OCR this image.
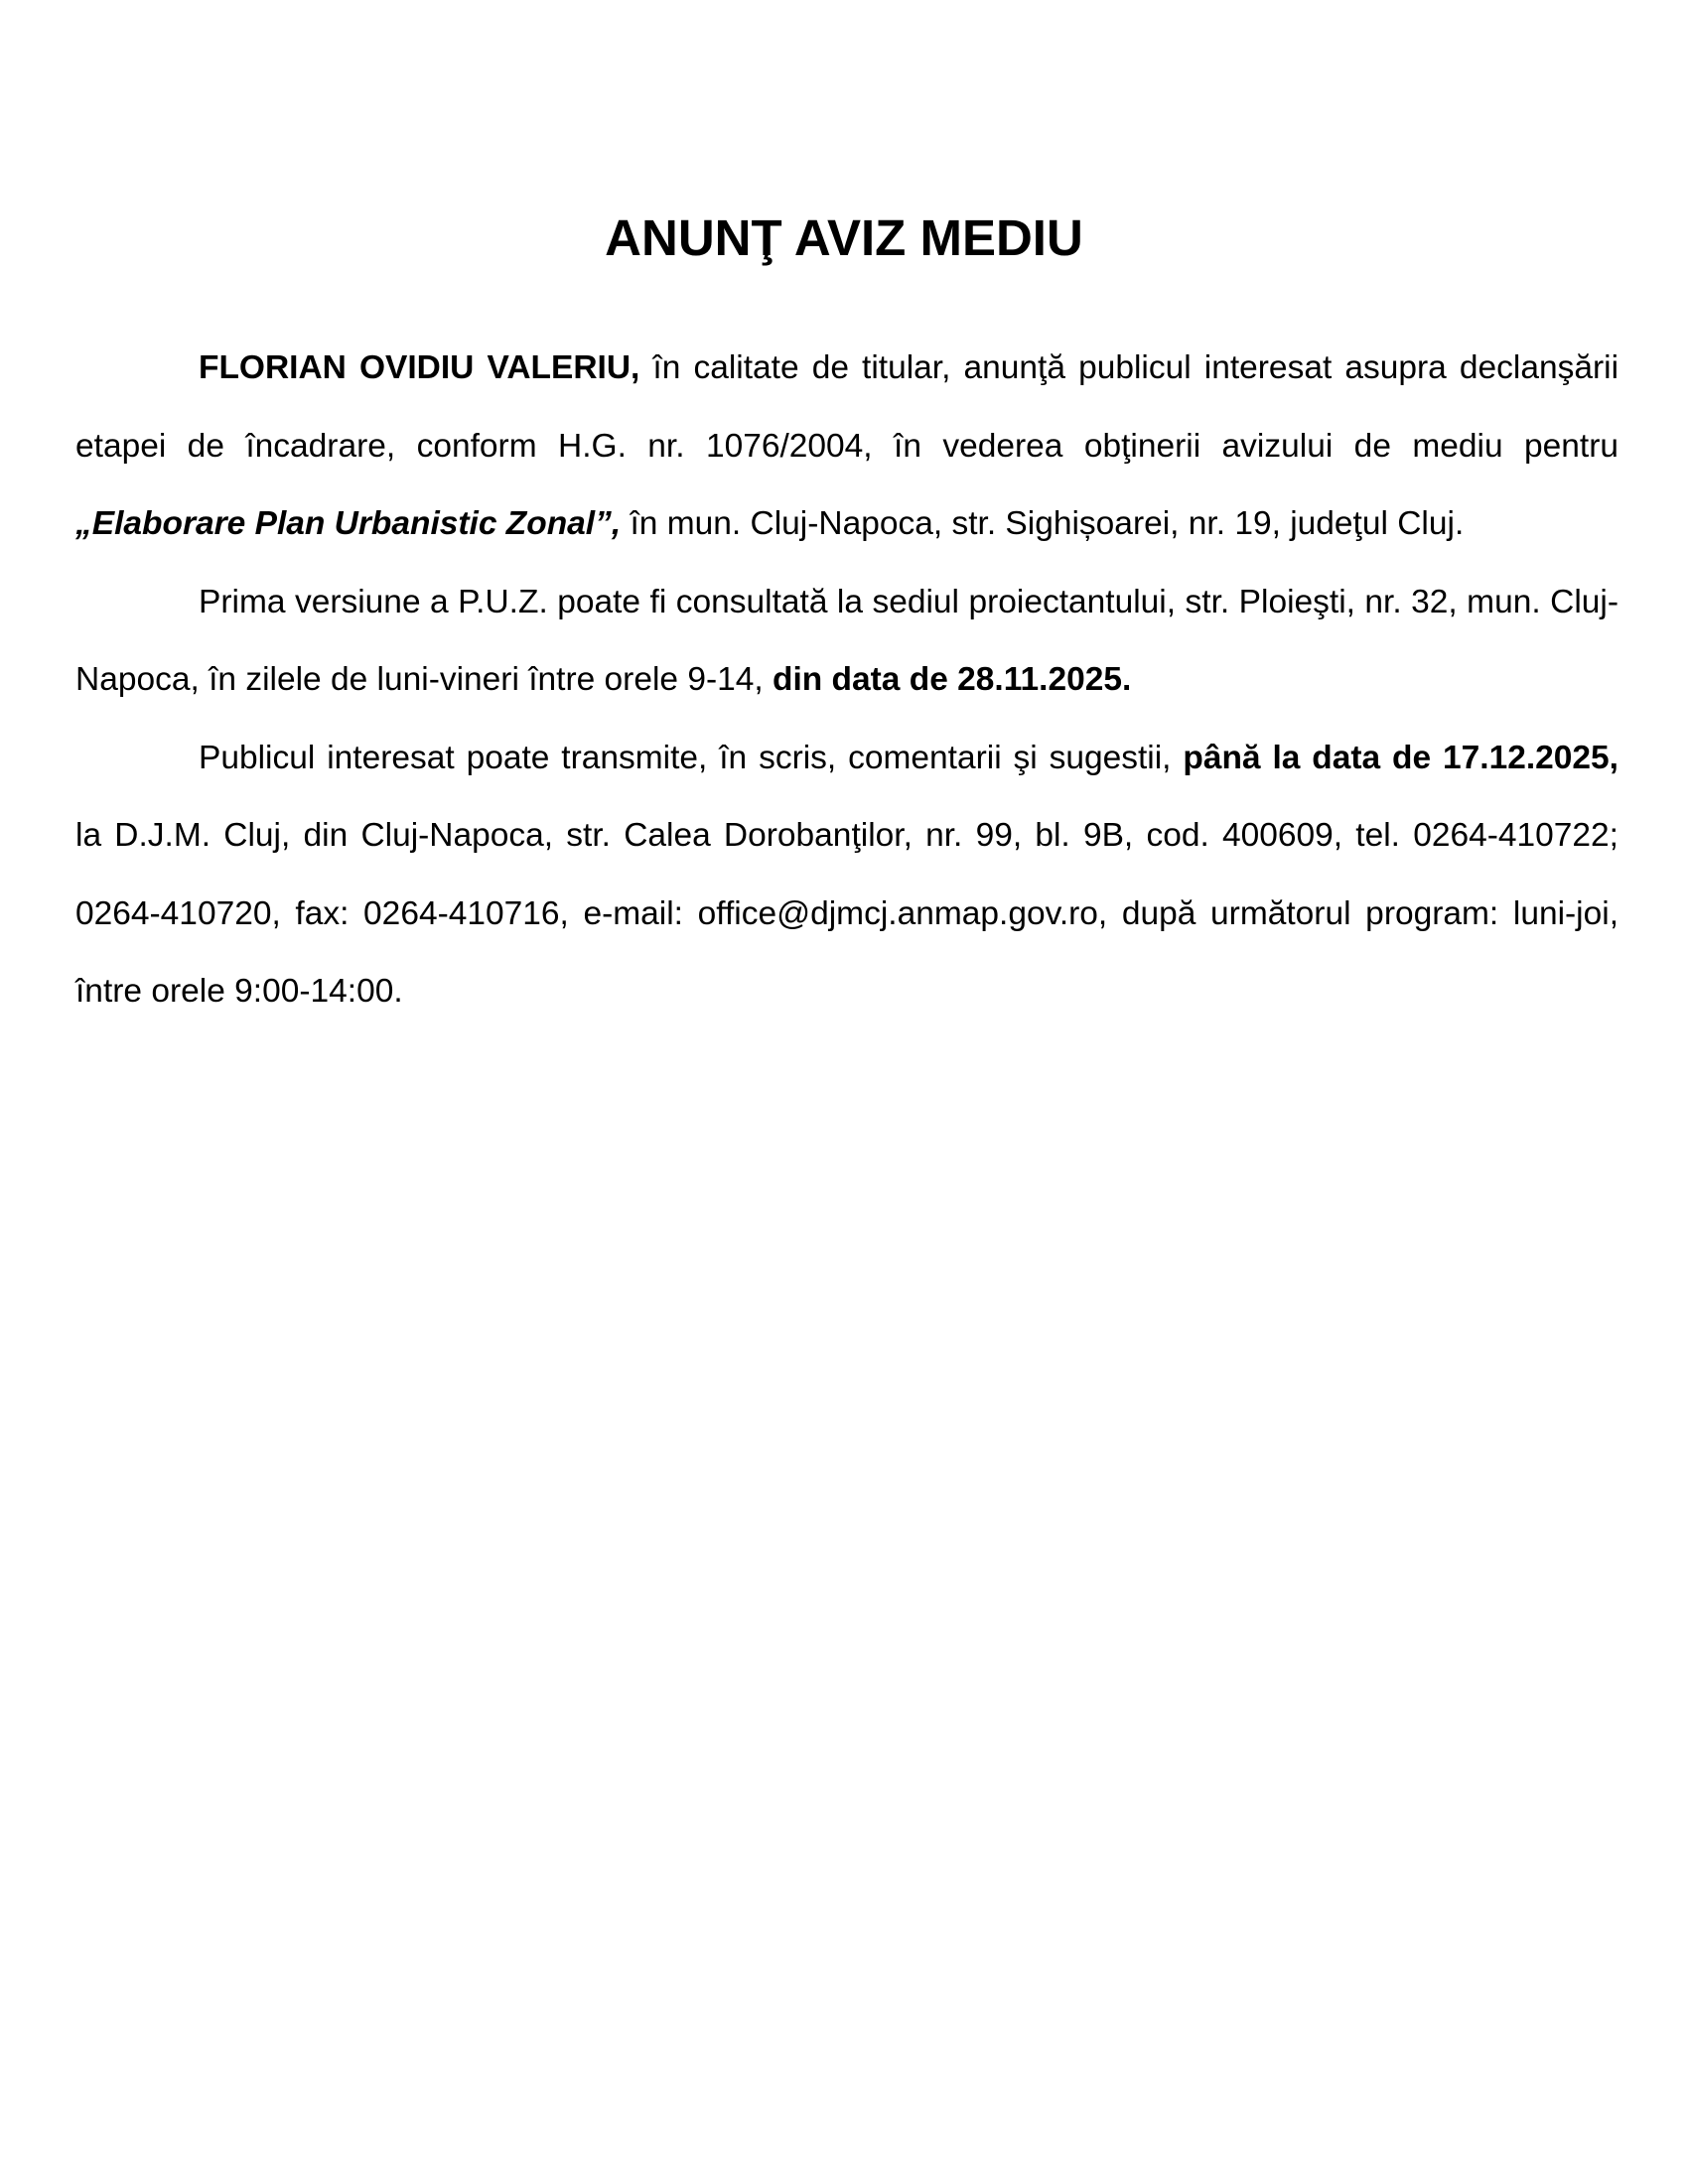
ANUNŢ AVIZ MEDIU

FLORIAN OVIDIU VALERIU, în calitate de titular, anunţă publicul interesat asupra declanşării etapei de încadrare, conform H.G. nr. 1076/2004, în vederea obţinerii avizului de mediu pentru „Elaborare Plan Urbanistic Zonal”, în mun. Cluj-Napoca, str. Sighișoarei, nr. 19, judeţul Cluj.

Prima versiune a P.U.Z. poate fi consultată la sediul proiectantului, str. Ploieşti, nr. 32, mun. Cluj-Napoca, în zilele de luni-vineri între orele 9-14, din data de 28.11.2025.

Publicul interesat poate transmite, în scris, comentarii şi sugestii, până la data de 17.12.2025, la D.J.M. Cluj, din Cluj-Napoca, str. Calea Dorobanţilor, nr. 99, bl. 9B, cod. 400609, tel. 0264-410722; 0264-410720, fax: 0264-410716, e-mail: office@djmcj.anmap.gov.ro, după următorul program: luni-joi, între orele 9:00-14:00.
